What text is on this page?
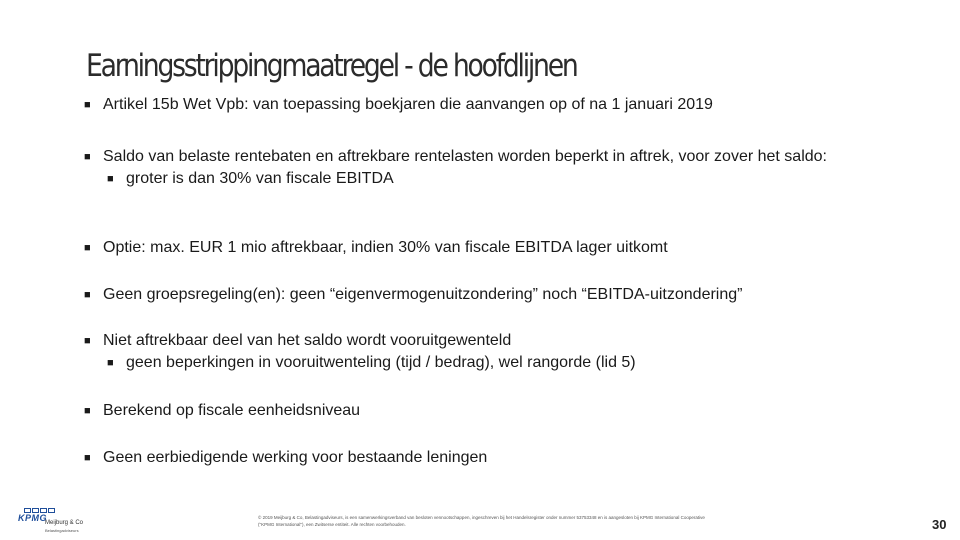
Earningsstrippingmaatregel - de hoofdlijnen
■ Artikel 15b Wet Vpb: van toepassing boekjaren die aanvangen op of na 1 januari 2019
■ Saldo van belaste rentebaten en aftrekbare rentelasten worden beperkt in aftrek, voor zover het saldo:
■ groter is dan 30% van fiscale EBITDA
■ Optie: max. EUR 1 mio aftrekbaar, indien 30% van fiscale EBITDA lager uitkomt
■ Geen groepsregeling(en): geen “eigenvermogenuitzondering” noch “EBITDA-uitzondering”
■ Niet aftrekbaar deel van het saldo wordt vooruitgewenteld
■ geen beperkingen in vooruitwenteling (tijd / bedrag), wel rangorde (lid 5)
■ Berekend op fiscale eenheidsniveau
■ Geen eerbiedigende werking voor bestaande leningen
KPMG
Meijburg & Co
Belastingadviseurs
© 2019 Meijburg & Co, Belastingadviseurs, is een samenwerkingsverband van besloten vennootschappen, ingeschreven bij het Handelsregister onder nummer 53753348 en is aangesloten bij KPMG International Cooperative ("KPMG International"), een Zwitserse entiteit. Alle rechten voorbehouden.	30
